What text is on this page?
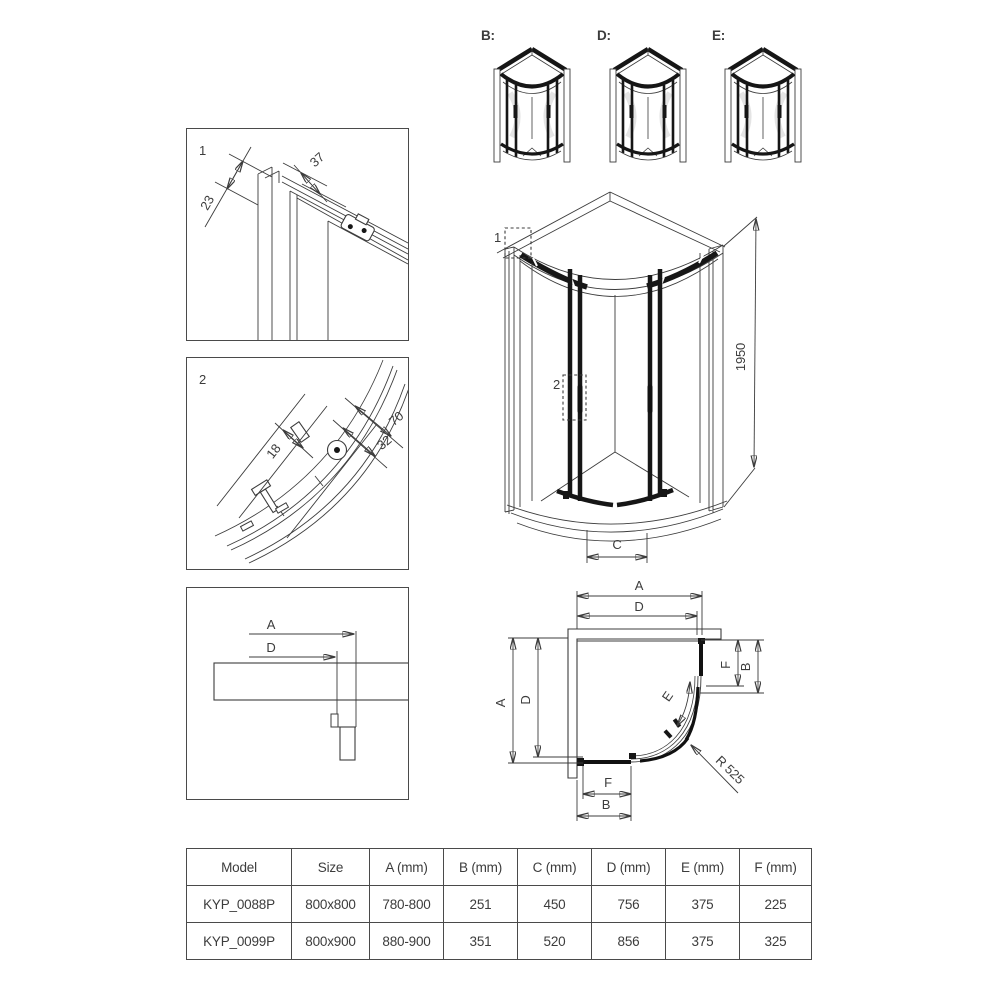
B:	D:	E:
23
37
1
18
70
32
2
A
D
1
2
1950
C
A
D
A D
F B
F
B
E
R 525
Model	Size	A (mm)	B (mm)	C (mm)	D (mm)	E (mm)	F (mm)
KYP_0088P	800x800	780-800	251	450	756	375	225
KYP_0099P	800x900	880-900	351	520	856	375	325
